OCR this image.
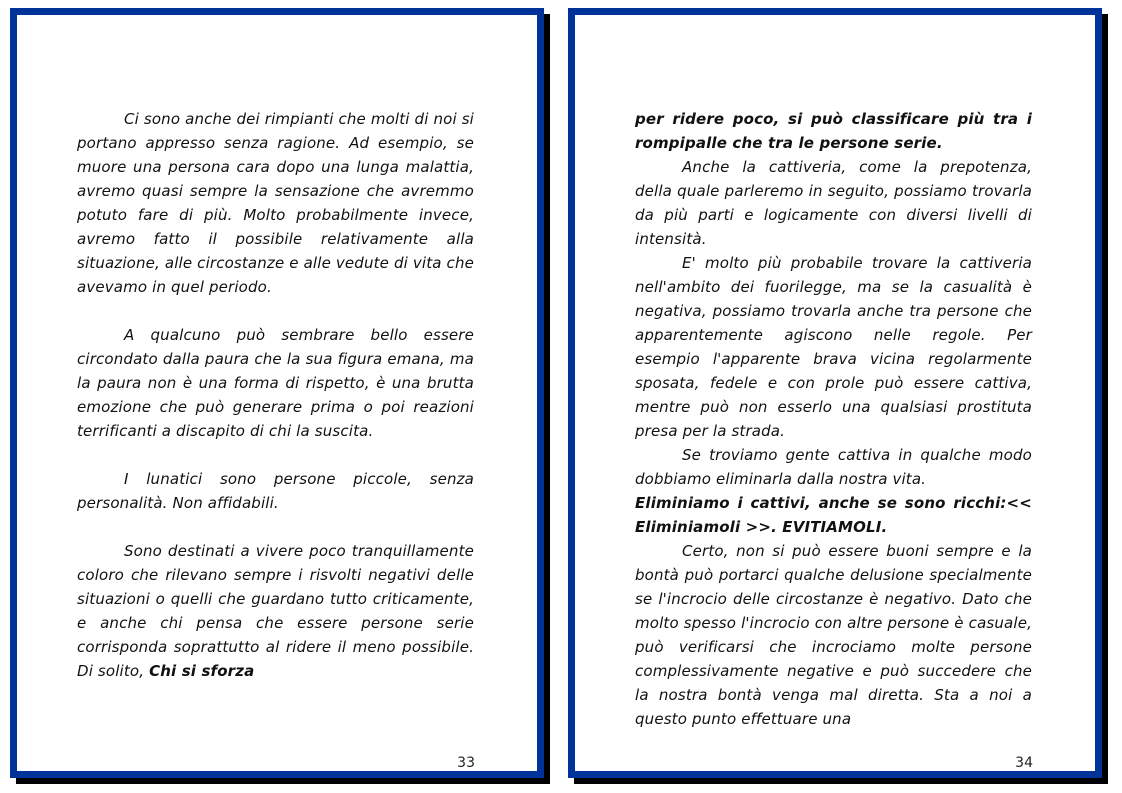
Ci sono anche dei rimpianti che molti di noi si portano appresso senza ragione. Ad esempio, se muore una persona cara dopo una lunga malattia, avremo quasi sempre la sensazione che avremmo potuto fare di più. Molto probabilmente invece, avremo fatto il possibile relativamente alla situazione, alle circostanze e alle vedute di vita che avevamo in quel periodo.

A qualcuno può sembrare bello essere circondato dalla paura che la sua figura emana, ma la paura non è una forma di rispetto, è una brutta emozione che può generare prima o poi reazioni terrificanti a discapito di chi la suscita.

I lunatici sono persone piccole, senza personalità. Non affidabili.

Sono destinati a vivere poco tranquillamente coloro che rilevano sempre i risvolti negativi delle situazioni o quelli che guardano tutto criticamente, e anche chi pensa che essere persone serie corrisponda soprattutto al ridere il meno possibile. Di solito, Chi si sforza

33

per ridere poco, si può classificare più tra i rompipalle che tra le persone serie.

Anche la cattiveria, come la prepotenza, della quale parleremo in seguito, possiamo trovarla da più parti e logicamente con diversi livelli di intensità.

E' molto più probabile trovare la cattiveria nell'ambito dei fuorilegge, ma se la casualità è negativa, possiamo trovarla anche tra persone che apparentemente agiscono nelle regole. Per esempio l'apparente brava vicina regolarmente sposata, fedele e con prole può essere cattiva, mentre può non esserlo una qualsiasi prostituta presa per la strada.

Se troviamo gente cattiva in qualche modo dobbiamo eliminarla dalla nostra vita.

Eliminiamo i cattivi, anche se sono ricchi:<< Eliminiamoli >>. EVITIAMOLI.

Certo, non si può essere buoni sempre e la bontà può portarci qualche delusione specialmente se l'incrocio delle circostanze è negativo. Dato che molto spesso l'incrocio con altre persone è casuale, può verificarsi che incrociamo molte persone complessivamente negative e può succedere che la nostra bontà venga mal diretta. Sta a noi a questo punto effettuare una

34
